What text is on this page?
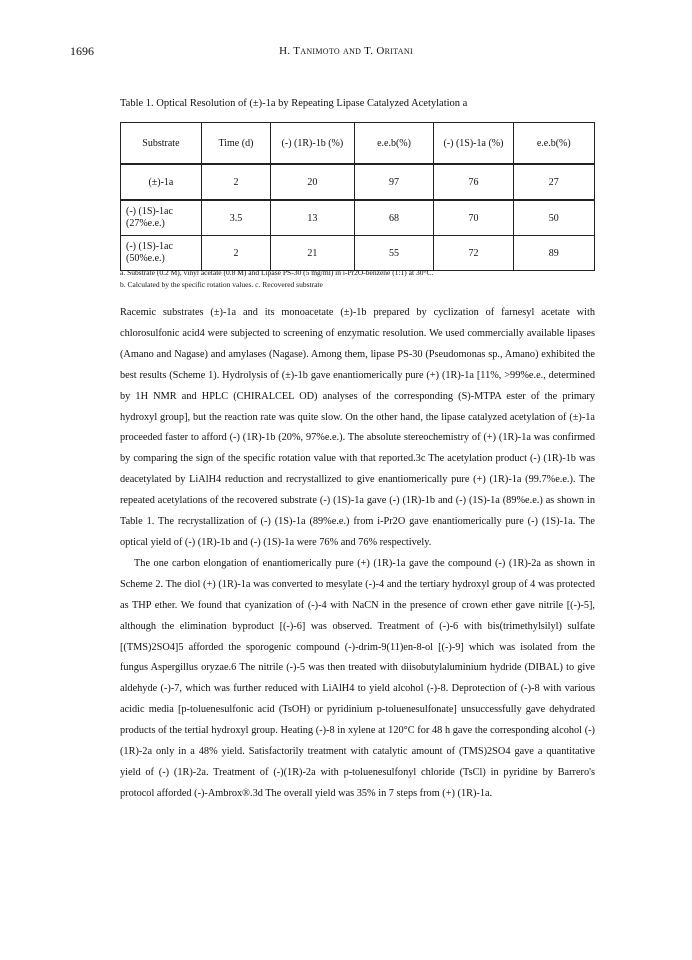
1696	H. Tanimoto and T. Oritani
Table 1. Optical Resolution of (±)-1a by Repeating Lipase Catalyzed Acetylation a
Substrate	Time (d)	(-) (1R)-1b (%)	e.e.b(%)	(-) (1S)-1a (%)	e.e.b(%)
(±)-1a	2	20	97	76	27
(-) (1S)-1ac (27%e.e.)	3.5	13	68	70	50
(-) (1S)-1ac (50%e.e.)	2	21	55	72	89
a. Substrate (0.2 M), vinyl acetate (0.8 M) and Lipase PS-30 (5 mg/ml) in i-Pr2O-benzene (1:1) at 30°C.
b. Calculated by the specific rotation values. c. Recovered substrate

Racemic substrates (±)-1a and its monoacetate (±)-1b prepared by cyclization of farnesyl acetate with chlorosulfonic acid4 were subjected to screening of enzymatic resolution. We used commercially available lipases (Amano and Nagase) and amylases (Nagase). Among them, lipase PS-30 (Pseudomonas sp., Amano) exhibited the best results (Scheme 1). Hydrolysis of (±)-1b gave enantiomerically pure (+) (1R)-1a [11%, >99%e.e., determined by 1H NMR and HPLC (CHIRALCEL OD) analyses of the corresponding (S)-MTPA ester of the primary hydroxyl group], but the reaction rate was quite slow. On the other hand, the lipase catalyzed acetylation of (±)-1a proceeded faster to afford (-) (1R)-1b (20%, 97%e.e.). The absolute stereochemistry of (+) (1R)-1a was confirmed by comparing the sign of the specific rotation value with that reported.3c The acetylation product (-) (1R)-1b was deacetylated by LiAlH4 reduction and recrystallized to give enantiomerically pure (+) (1R)-1a (99.7%e.e.). The repeated acetylations of the recovered substrate (-) (1S)-1a gave (-) (1R)-1b and (-) (1S)-1a (89%e.e.) as shown in Table 1. The recrystallization of (-) (1S)-1a (89%e.e.) from i-Pr2O gave enantiomerically pure (-) (1S)-1a. The optical yield of (-) (1R)-1b and (-) (1S)-1a were 76% and 76% respectively.

The one carbon elongation of enantiomerically pure (+) (1R)-1a gave the compound (-) (1R)-2a as shown in Scheme 2. The diol (+) (1R)-1a was converted to mesylate (-)-4 and the tertiary hydroxyl group of 4 was protected as THP ether. We found that cyanization of (-)-4 with NaCN in the presence of crown ether gave nitrile [(-)-5], although the elimination byproduct [(-)-6] was observed. Treatment of (-)-6 with bis(trimethylsilyl) sulfate [(TMS)2SO4]5 afforded the sporogenic compound (-)-drim-9(11)en-8-ol [(-)-9] which was isolated from the fungus Aspergillus oryzae.6 The nitrile (-)-5 was then treated with diisobutylaluminium hydride (DIBAL) to give aldehyde (-)-7, which was further reduced with LiAlH4 to yield alcohol (-)-8. Deprotection of (-)-8 with various acidic media [p-toluenesulfonic acid (TsOH) or pyridinium p-toluenesulfonate] unsuccessfully gave dehydrated products of the tertial hydroxyl group. Heating (-)-8 in xylene at 120°C for 48 h gave the corresponding alcohol (-) (1R)-2a only in a 48% yield. Satisfactorily treatment with catalytic amount of (TMS)2SO4 gave a quantitative yield of (-) (1R)-2a. Treatment of (-)(1R)-2a with p-toluenesulfonyl chloride (TsCl) in pyridine by Barrero's protocol afforded (-)-Ambrox®.3d The overall yield was 35% in 7 steps from (+) (1R)-1a.
